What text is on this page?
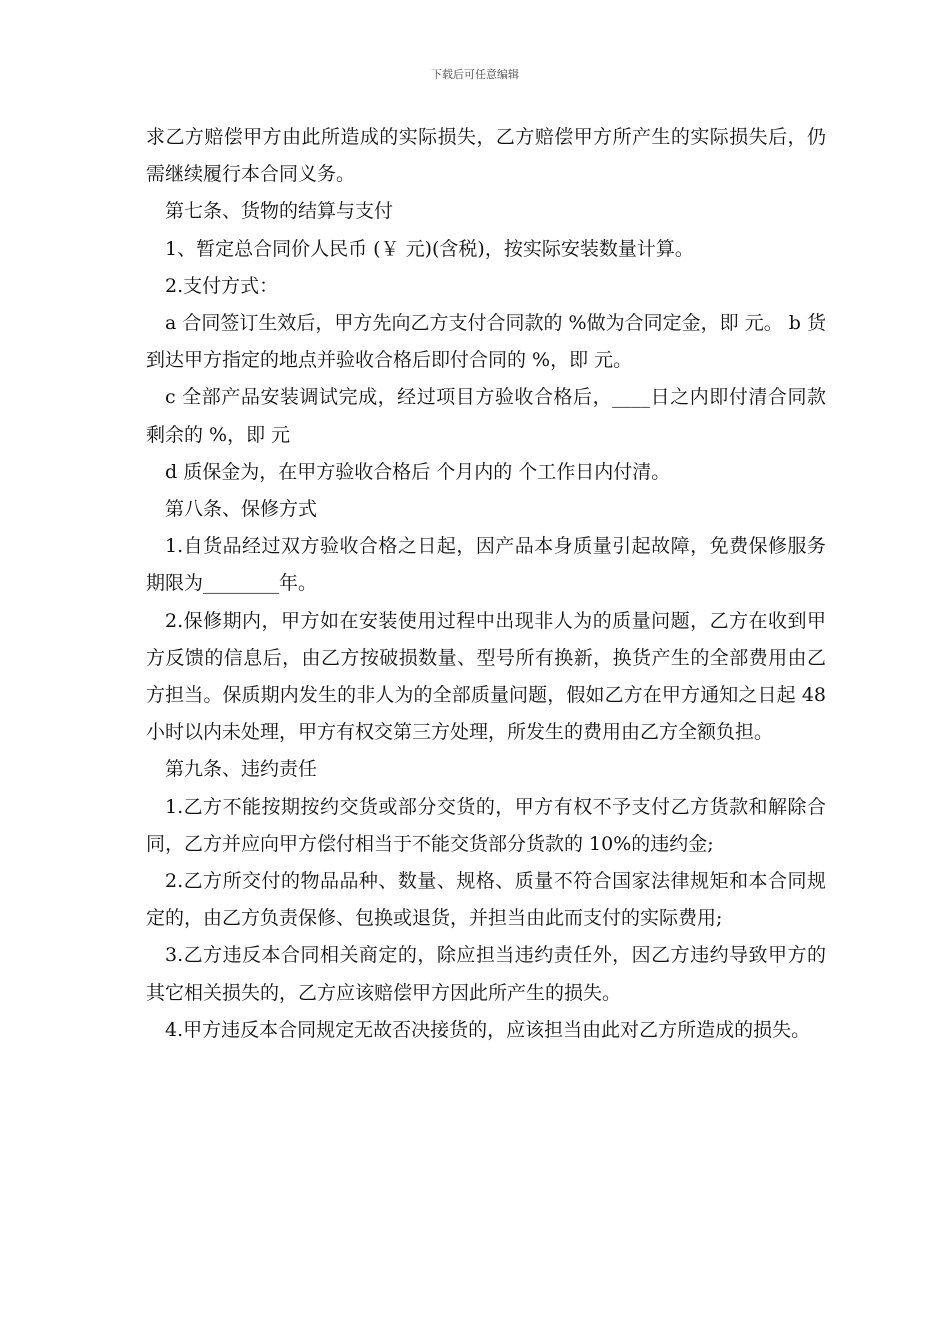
下载后可任意编辑

求乙方赔偿甲方由此所造成的实际损失，乙方赔偿甲方所产生的实际损失后，仍需继续履行本合同义务。

第七条、货物的结算与支付

1、暂定总合同价人民币 (￥ 元)(含税)，按实际安装数量计算。

2.支付方式：

a 合同签订生效后，甲方先向乙方支付合同款的 %做为合同定金，即 元。 b 货到达甲方指定的地点并验收合格后即付合同的 %，即 元。

c 全部产品安装调试完成，经过项目方验收合格后，____日之内即付清合同款剩余的 %，即 元

d 质保金为，在甲方验收合格后 个月内的 个工作日内付清。

第八条、保修方式

1.自货品经过双方验收合格之日起，因产品本身质量引起故障，免费保修服务期限为________年。

2.保修期内，甲方如在安装使用过程中出现非人为的质量问题，乙方在收到甲方反馈的信息后，由乙方按破损数量、型号所有换新，换货产生的全部费用由乙方担当。保质期内发生的非人为的全部质量问题，假如乙方在甲方通知之日起 48 小时以内未处理，甲方有权交第三方处理，所发生的费用由乙方全额负担。

第九条、违约责任

1.乙方不能按期按约交货或部分交货的，甲方有权不予支付乙方货款和解除合同，乙方并应向甲方偿付相当于不能交货部分货款的 10%的违约金;

2.乙方所交付的物品品种、数量、规格、质量不符合国家法律规矩和本合同规定的，由乙方负责保修、包换或退货，并担当由此而支付的实际费用;

3.乙方违反本合同相关商定的，除应担当违约责任外，因乙方违约导致甲方的其它相关损失的，乙方应该赔偿甲方因此所产生的损失。

4.甲方违反本合同规定无故否决接货的，应该担当由此对乙方所造成的损失。
